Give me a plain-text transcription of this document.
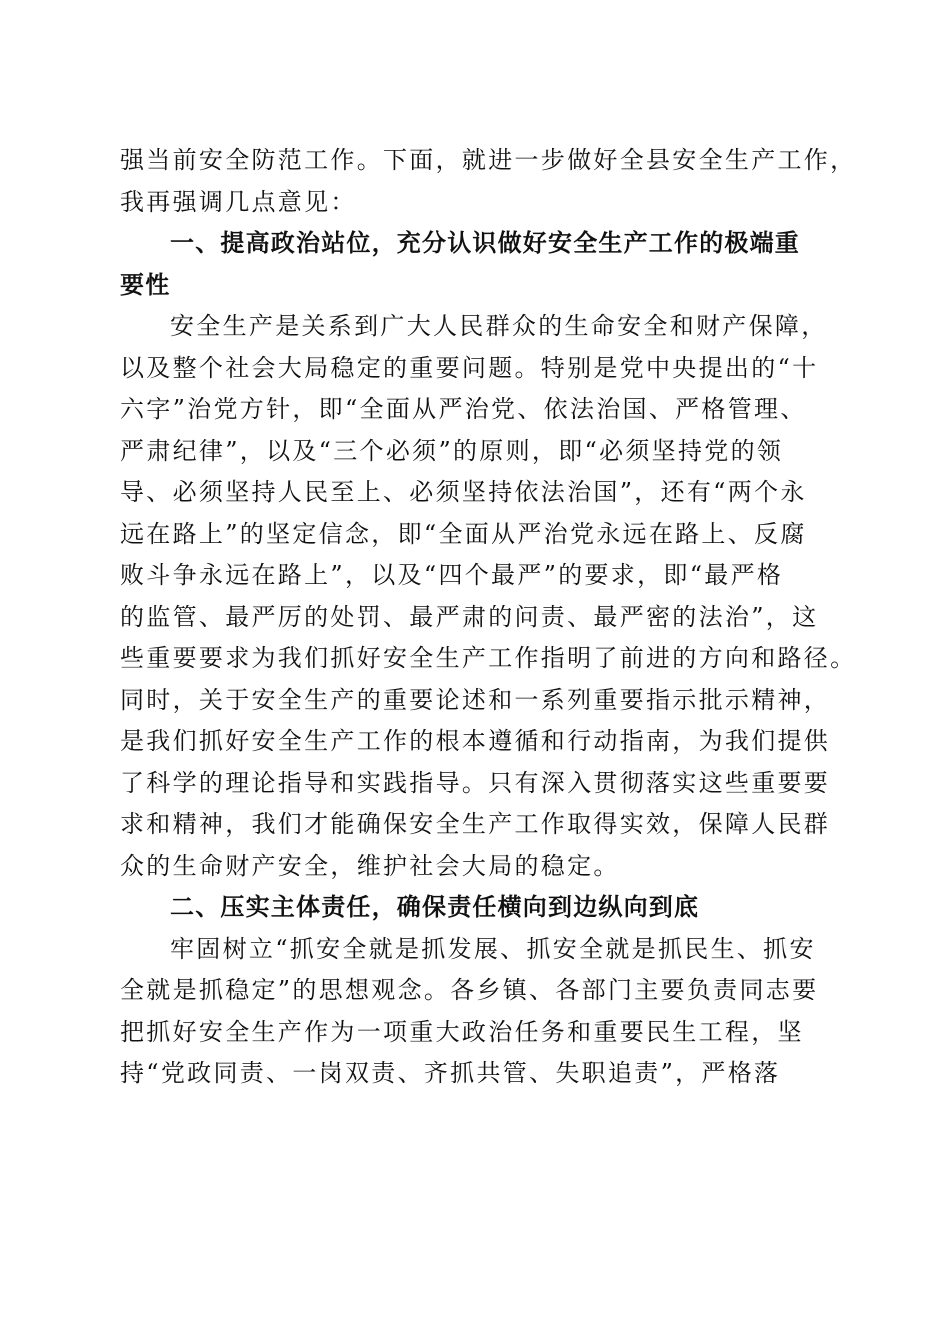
强当前安全防范工作。下面，就进一步做好全县安全生产工作，
我再强调几点意见：
一、提高政治站位，充分认识做好安全生产工作的极端重
要性
安全生产是关系到广大人民群众的生命安全和财产保障，
以及整个社会大局稳定的重要问题。特别是党中央提出的“十
六字”治党方针，即“全面从严治党、依法治国、严格管理、
严肃纪律”，以及“三个必须”的原则，即“必须坚持党的领
导、必须坚持人民至上、必须坚持依法治国”，还有“两个永
远在路上”的坚定信念，即“全面从严治党永远在路上、反腐
败斗争永远在路上”，以及“四个最严”的要求，即“最严格
的监管、最严厉的处罚、最严肃的问责、最严密的法治”，这
些重要要求为我们抓好安全生产工作指明了前进的方向和路径。
同时，关于安全生产的重要论述和一系列重要指示批示精神，
是我们抓好安全生产工作的根本遵循和行动指南，为我们提供
了科学的理论指导和实践指导。只有深入贯彻落实这些重要要
求和精神，我们才能确保安全生产工作取得实效，保障人民群
众的生命财产安全，维护社会大局的稳定。
二、压实主体责任，确保责任横向到边纵向到底
牢固树立“抓安全就是抓发展、抓安全就是抓民生、抓安
全就是抓稳定”的思想观念。各乡镇、各部门主要负责同志要
把抓好安全生产作为一项重大政治任务和重要民生工程，坚
持“党政同责、一岗双责、齐抓共管、失职追责”，严格落
